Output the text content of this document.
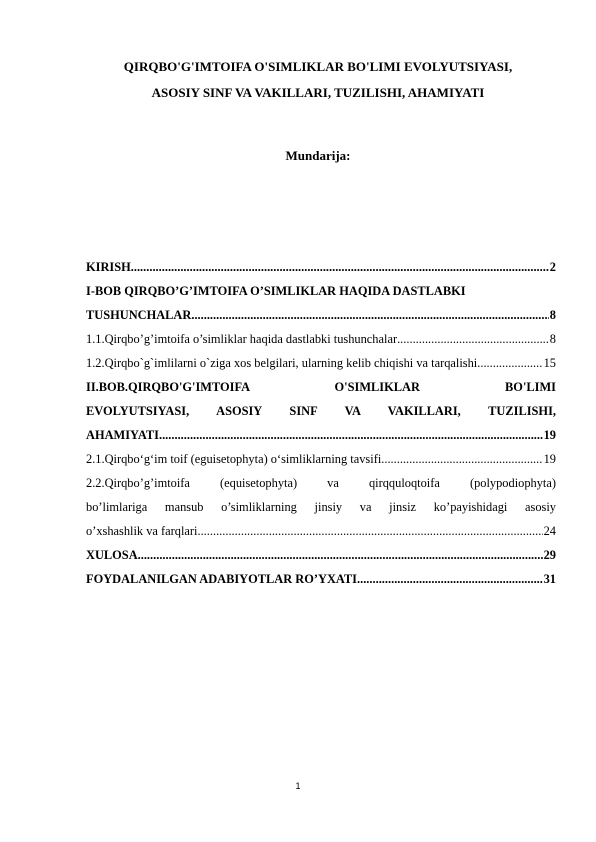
QIRQBO'G'IMTOIFA O'SIMLIKLAR BO'LIMI EVOLYUTSIYASI,
ASOSIY SINF VA VAKILLARI, TUZILISHI, AHAMIYATI
Mundarija:
KIRISH .....	2
I-BOB QIRQBO’G’IMTOIFA O’SIMLIKLAR HAQIDA DASTLABKI
TUSHUNCHALAR .....	8
1.1.Qirqbo’g’imtoifa o’simliklar haqida dastlabki tushunchalar .....	8
1.2.Qirqbo`g`imlilarni o`ziga xos belgilari, ularning kelib chiqishi va tarqalishi .....	15
II.BOB.QIRQBO'G'IMTOIFA O'SIMLIKLAR BO'LIMI
EVOLYUTSIYASI, ASOSIY SINF VA VAKILLARI, TUZILISHI,
AHAMIYATI .....	19
2.1.Qirqbo‘g‘im toif (eguisetophyta) o‘simliklarning tavsifi .....	19
2.2.Qirqbo’g’imtoifa (equisetophyta) va qirqquloqtoifa (polypodiophyta)
bo’limlariga mansub o’simliklarning jinsiy va jinsiz ko’payishidagi asosiy
o’xshashlik va farqlari .....	24
XULOSA .....	29
FOYDALANILGAN ADABIYOTLAR RO’YXATI .....	31
1
